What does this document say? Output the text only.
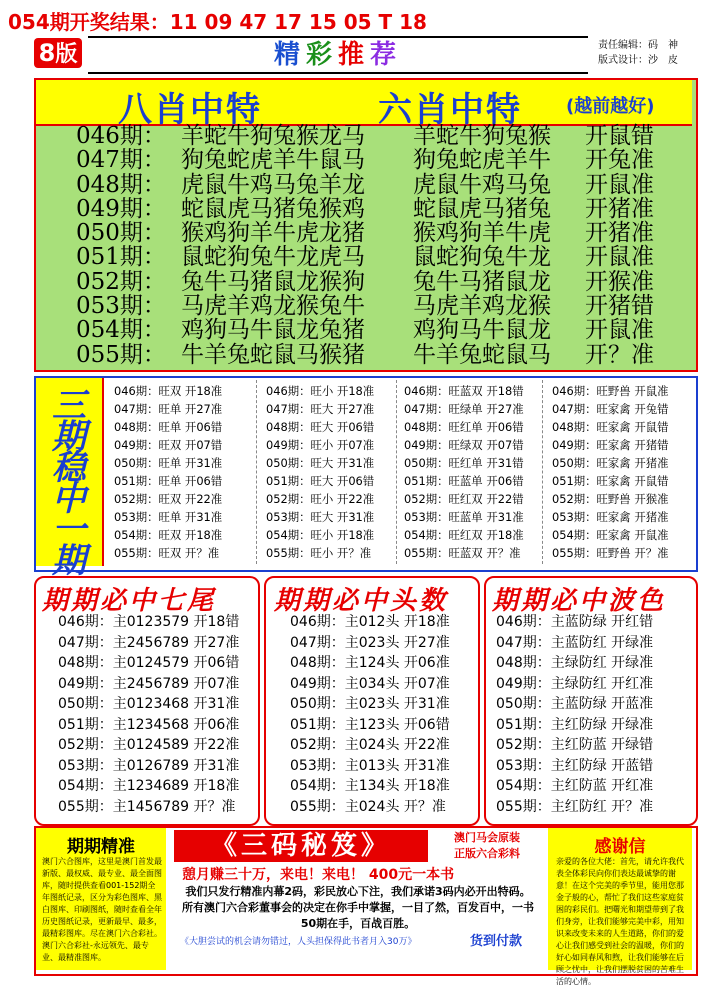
054期开奖结果：11 09 47 17 15 05 T 18
8版	精彩推荐	责任编辑：码　神
版式设计：沙　皮
八肖中特	六肖中特 (越前越好)
046期： 羊蛇牛狗兔猴龙马 羊蛇牛狗兔猴 开鼠错
047期： 狗兔蛇虎羊牛鼠马 狗兔蛇虎羊牛 开兔准
048期： 虎鼠牛鸡马兔羊龙 虎鼠牛鸡马兔 开鼠准
049期： 蛇鼠虎马猪兔猴鸡 蛇鼠虎马猪兔 开猪准
050期： 猴鸡狗羊牛虎龙猪 猴鸡狗羊牛虎 开猪准
051期： 鼠蛇狗兔牛龙虎马 鼠蛇狗兔牛龙 开鼠准
052期： 兔牛马猪鼠龙猴狗 兔牛马猪鼠龙 开猴准
053期： 马虎羊鸡龙猴兔牛 马虎羊鸡龙猴 开猪错
054期： 鸡狗马牛鼠龙兔猪 鸡狗马牛鼠龙 开鼠准
055期： 牛羊兔蛇鼠马猴猪 牛羊兔蛇鼠马 开？准
三
期
稳
中
一
期
046期：旺双 开18准
047期：旺单 开27准
048期：旺单 开06错
049期：旺双 开07错
050期：旺单 开31准
051期：旺单 开06错
052期：旺双 开22准
053期：旺单 开31准
054期：旺双 开18准
055期：旺双 开？准
046期：旺小 开18准
047期：旺大 开27准
048期：旺大 开06错
049期：旺小 开07准
050期：旺大 开31准
051期：旺大 开06错
052期：旺小 开22准
053期：旺大 开31准
054期：旺小 开18准
055期：旺小 开？准
046期：旺蓝双 开18错
047期：旺绿单 开27准
048期：旺红单 开06错
049期：旺绿双 开07错
050期：旺红单 开31错
051期：旺蓝单 开06错
052期：旺红双 开22错
053期：旺蓝单 开31准
054期：旺红双 开18准
055期：旺蓝双 开？准
046期：旺野兽 开鼠准
047期：旺家禽 开兔错
048期：旺家禽 开鼠错
049期：旺家禽 开猪错
050期：旺家禽 开猪准
051期：旺家禽 开鼠错
052期：旺野兽 开猴准
053期：旺家禽 开猪准
054期：旺家禽 开鼠准
055期：旺野兽 开？准
期期必中七尾 期期必中头数 期期必中波色
046期：主0123579 开18错
047期：主2456789 开27准
048期：主0124579 开06错
049期：主2456789 开07准
050期：主0123468 开31准
051期：主1234568 开06准
052期：主0124589 开22准
053期：主0126789 开31准
054期：主1234689 开18准
055期：主1456789 开？准
046期：主012头 开18准
047期：主023头 开27准
048期：主124头 开06准
049期：主034头 开07准
050期：主023头 开31准
051期：主123头 开06错
052期：主024头 开22准
053期：主013头 开31准
054期：主134头 开18准
055期：主024头 开？准
046期：主蓝防绿 开红错
047期：主蓝防红 开绿准
048期：主绿防红 开绿准
049期：主绿防红 开红准
050期：主蓝防绿 开蓝准
051期：主红防绿 开绿准
052期：主红防蓝 开绿错
053期：主红防绿 开蓝错
054期：主红防蓝 开红准
055期：主红防红 开？准
期期精准
澳门六合图库，这里是澳门首发最新版、最权威、最专业、最全面图库，随时提供查看001-152期全年图纸记录，区分为彩色图库、黑白图库、印刷图纸，随时查看全年历史图纸记录，更新最早、最多，最精彩图库。尽在澳门六合彩社。澳门六合彩社-永远领先、最专业、最精准图库。
《三码秘笈》	澳门马会原装
正版六合彩料
憩月赚三十万，来电！来电！ 400元一本书
我们只发行精准内幕2码，彩民放心下注，我们承诺3码内必开出特码。所有澳门六合彩董事会的决定在你手中掌握，一目了然，百发百中，一书50期在手，百战百胜。
《大胆尝试的机会请勿错过，人头担保得此书者月入30万》	货到付款
感谢信
亲爱的各位大佬：首先，请允许我代表全体彩民向你们表达最诚挚的谢意！在这个完美的季节里，能用您那金子般的心，帮忙了我们这些家庭贫困的彩民们。把曙光和期望带到了我们身旁，让我们能够完美中彩，用知识来改变未来的人生道路，你们的爱心让我们感受到社会的温暖，你们的好心如同春风和煦，让我们能够在后顾之忧中，让我们摆脱贫困的苦难生活的心情。
